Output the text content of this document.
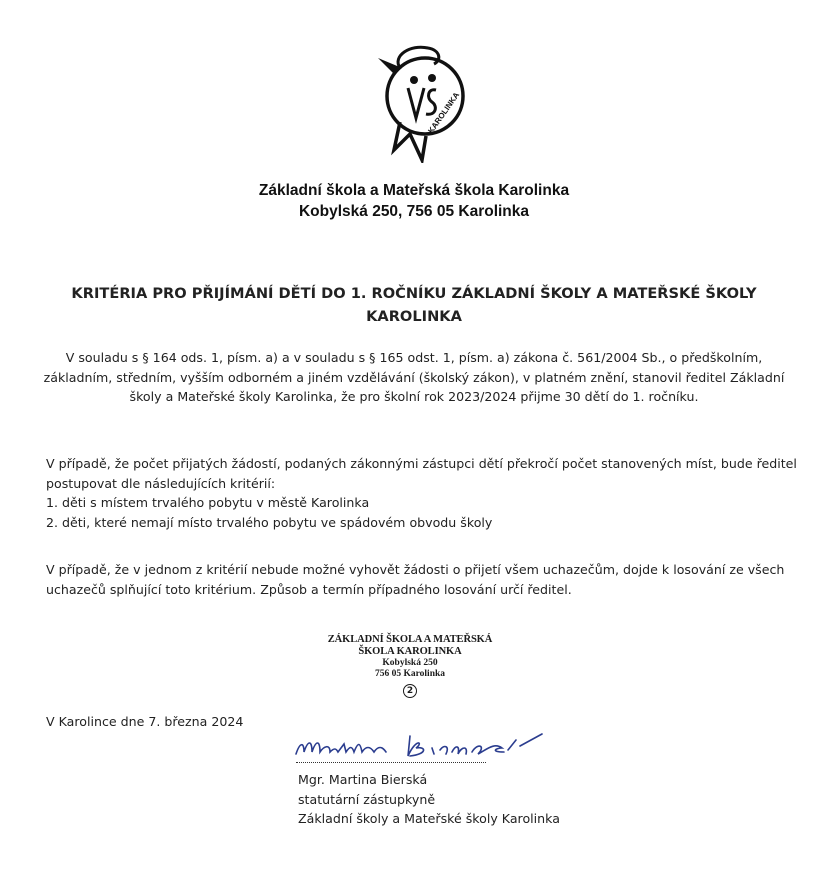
KAROLINKA
Základní škola a Mateřská škola Karolinka
Kobylská 250, 756 05 Karolinka
KRITÉRIA PRO PŘIJÍMÁNÍ DĚTÍ DO 1. ROČNÍKU ZÁKLADNÍ ŠKOLY A MATEŘSKÉ ŠKOLY KAROLINKA
V souladu s § 164 ods. 1, písm. a) a v souladu s § 165 odst. 1, písm. a) zákona č. 561/2004 Sb., o předškolním, základním, středním, vyšším odborném a jiném vzdělávání (školský zákon), v platném znění, stanovil ředitel Základní školy a Mateřské školy Karolinka, že pro školní rok 2023/2024 přijme 30 dětí do 1. ročníku.
V případě, že počet přijatých žádostí, podaných zákonnými zástupci dětí překročí počet stanovených míst, bude ředitel postupovat dle následujících kritérií:
1. děti s místem trvalého pobytu v městě Karolinka
2. děti, které nemají místo trvalého pobytu ve spádovém obvodu školy
V případě, že v jednom z kritérií nebude možné vyhovět žádosti o přijetí všem uchazečům, dojde k losování ze všech uchazečů splňující toto kritérium. Způsob a termín případného losování určí ředitel.
ZÁKLADNÍ ŠKOLA A MATEŘSKÁ
ŠKOLA KAROLINKA
Kobylská 250
756 05 Karolinka
2
V Karolince dne 7. března 2024
Mgr. Martina Bierská
statutární zástupkyně
Základní školy a Mateřské školy Karolinka
